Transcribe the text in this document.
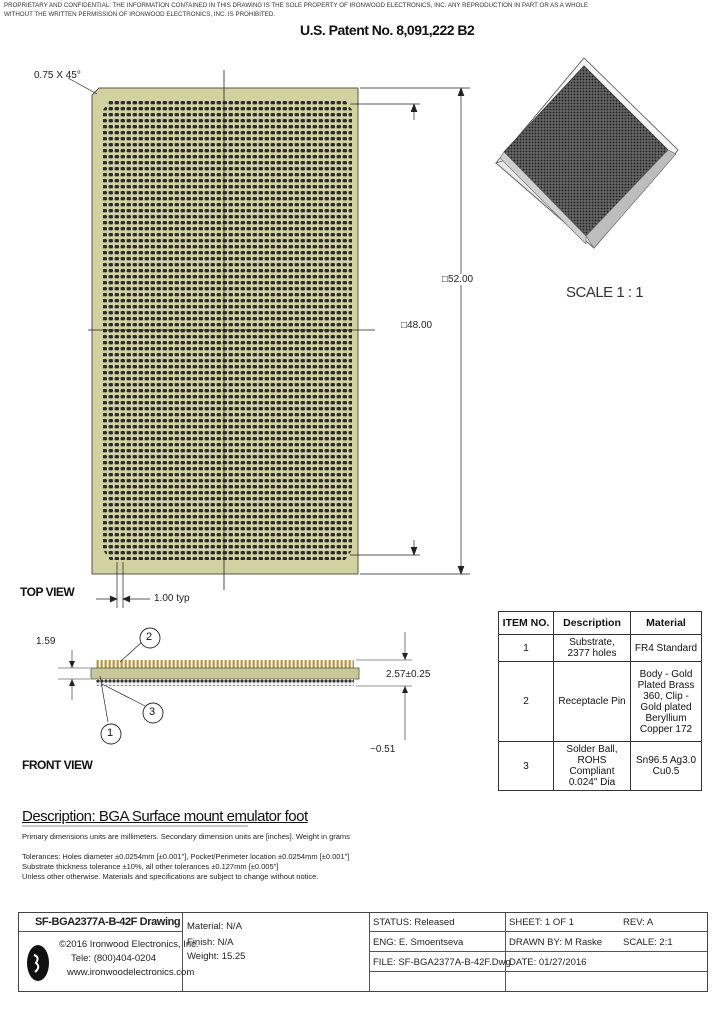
PROPRIETARY AND CONFIDENTIAL: THE INFORMATION CONTAINED IN THIS DRAWING IS THE SOLE PROPERTY OF IRONWOOD ELECTRONICS, INC. ANY REPRODUCTION IN PART OR AS A WHOLE
WITHOUT THE WRITTEN PERMISSION OF IRONWOOD ELECTRONICS, INC. IS PROHIBITED.
U.S. Patent No. 8,091,222 B2
0.75 X 45°
□52.00
□48.00
1.00 typ
TOP VIEW
SCALE 1 : 1
1.59
2.57±0.25
~0.51
2
1
3
FRONT VIEW
ITEM NO.	Description	Material
1	Substrate, 2377 holes	FR4 Standard
2	Receptacle Pin	Body - Gold Plated Brass 360, Clip - Gold plated Beryllium Copper 172
3	Solder Ball, ROHS Compliant 0.024" Dia	Sn96.5 Ag3.0 Cu0.5
Description: BGA Surface mount emulator foot
Primary dimensions units are millimeters. Secondary dimension units are [inches]. Weight in grams
Tolerances: Holes diameter ±0.0254mm [±0.001"], Pocket/Perimeter location ±0.0254mm [±0.001"]
Substrate thickness tolerance ±10%, all other tolerances ±0.127mm [±0.005"]
Unless other otherwise. Materials and specifications are subject to change without notice.
SF-BGA2377A-B-42F Drawing
©2016 Ironwood Electronics, Inc.
Tele: (800)404-0204
www.ironwoodelectronics.com
Material: N/A
Finish: N/A
Weight: 15.25
STATUS: Released
ENG: E. Smoentseva
FILE: SF-BGA2377A-B-42F.Dwg
SHEET: 1 OF 1
DRAWN BY: M Raske
DATE: 01/27/2016
REV: A
SCALE: 2:1
